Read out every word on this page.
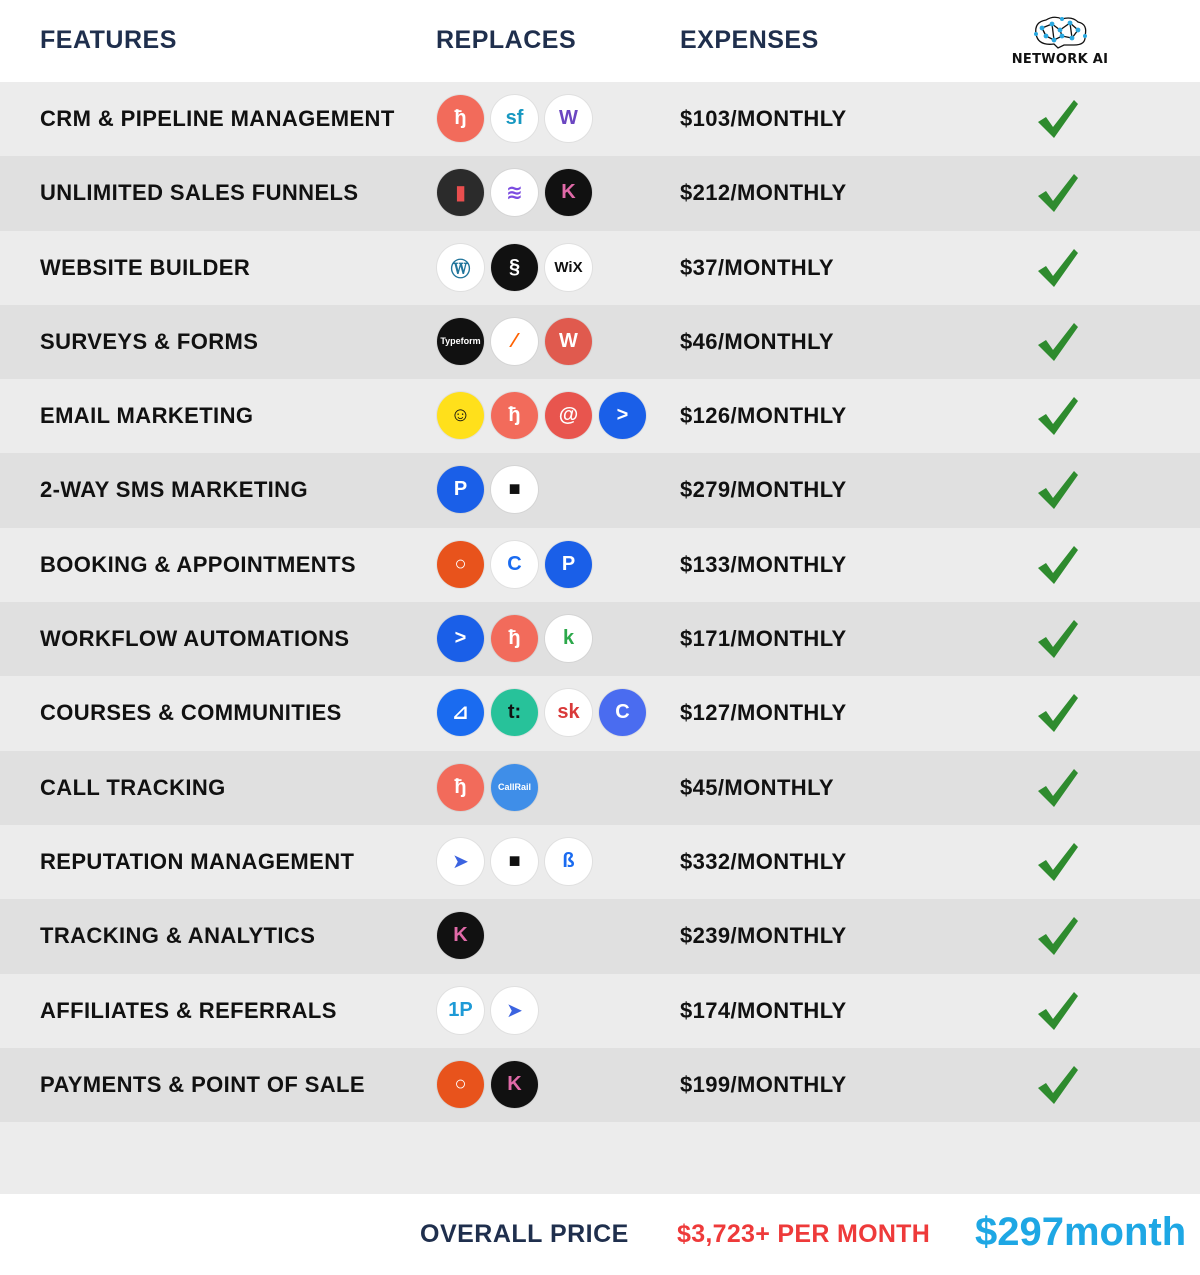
FEATURES	REPLACES	EXPENSES
NETWORK AI
CRM & PIPELINE MANAGEMENT	ђ	sf	W	$103/MONTHLY
UNLIMITED SALES FUNNELS	▮	≋	K	$212/MONTHLY
WEBSITE BUILDER	Ⓦ	§	WiX	$37/MONTHLY
SURVEYS & FORMS	Typeform	⁄	W	$46/MONTHLY
EMAIL MARKETING	☺	ђ	@	>	$126/MONTHLY
2-WAY SMS MARKETING	P	■	$279/MONTHLY
BOOKING & APPOINTMENTS	○	C	P	$133/MONTHLY
WORKFLOW AUTOMATIONS	>	ђ	k	$171/MONTHLY
COURSES & COMMUNITIES	⊿	t:	sk	C	$127/MONTHLY
CALL TRACKING	ђ	CallRail	$45/MONTHLY
REPUTATION MANAGEMENT	➤	■	ß	$332/MONTHLY
TRACKING & ANALYTICS	K	$239/MONTHLY
AFFILIATES & REFERRALS	1P	➤	$174/MONTHLY
PAYMENTS & POINT OF SALE	○	K	$199/MONTHLY
OVERALL PRICE $3,723+ PER MONTH $297month
